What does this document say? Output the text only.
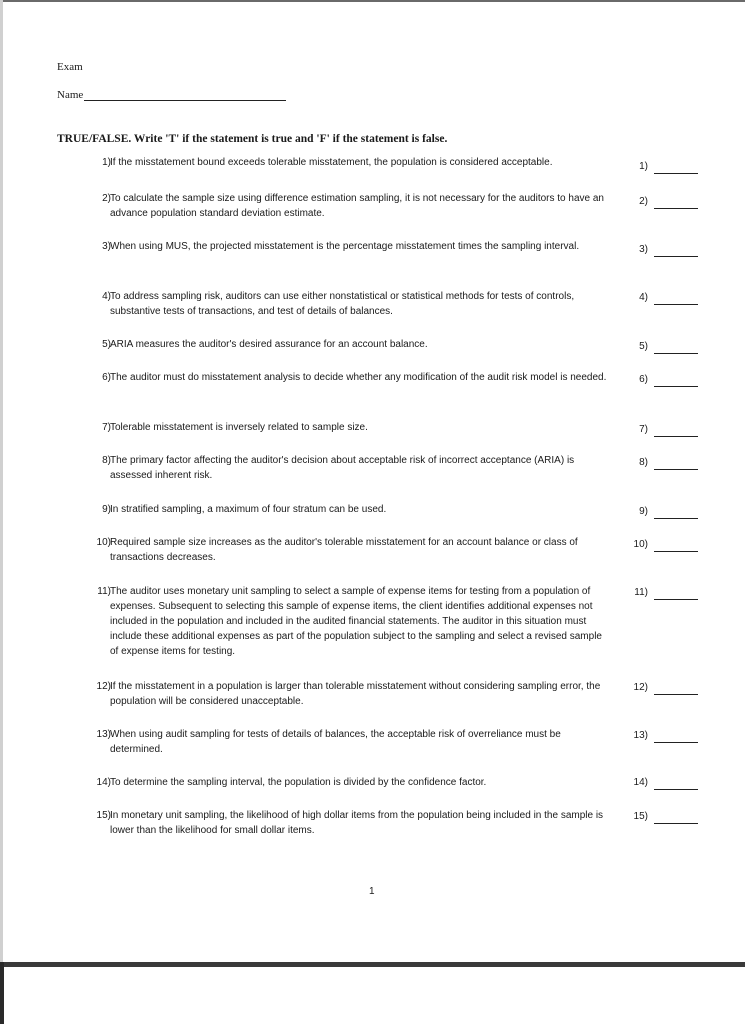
Exam
Name
TRUE/FALSE. Write 'T' if the statement is true and 'F' if the statement is false.
1) If the misstatement bound exceeds tolerable misstatement, the population is considered acceptable.	1)
2) To calculate the sample size using difference estimation sampling, it is not necessary for the auditors to have an advance population standard deviation estimate.
2)
3) When using MUS, the projected misstatement is the percentage misstatement times the sampling interval.	3)
4) To address sampling risk, auditors can use either nonstatistical or statistical methods for tests of controls, substantive tests of transactions, and test of details of balances.
4)
5) ARIA measures the auditor's desired assurance for an account balance.	5)
6) The auditor must do misstatement analysis to decide whether any modification of the audit risk model is needed.	6)
7) Tolerable misstatement is inversely related to sample size.	7)
8) The primary factor affecting the auditor's decision about acceptable risk of incorrect acceptance (ARIA) is assessed inherent risk.
8)
9) In stratified sampling, a maximum of four stratum can be used.	9)
10) Required sample size increases as the auditor's tolerable misstatement for an account balance or class of transactions decreases.
10)
11) The auditor uses monetary unit sampling to select a sample of expense items for testing from a population of expenses. Subsequent to selecting this sample of expense items, the client identifies additional expenses not included in the population and included in the audited financial statements. The auditor in this situation must include these additional expenses as part of the population subject to the sampling and select a revised sample of expense items for testing.
11)
12) If the misstatement in a population is larger than tolerable misstatement without considering sampling error, the population will be considered unacceptable.
12)
13) When using audit sampling for tests of details of balances, the acceptable risk of overreliance must be determined.
13)
14) To determine the sampling interval, the population is divided by the confidence factor.	14)
15) In monetary unit sampling, the likelihood of high dollar items from the population being included in the sample is lower than the likelihood for small dollar items.
15)
1
